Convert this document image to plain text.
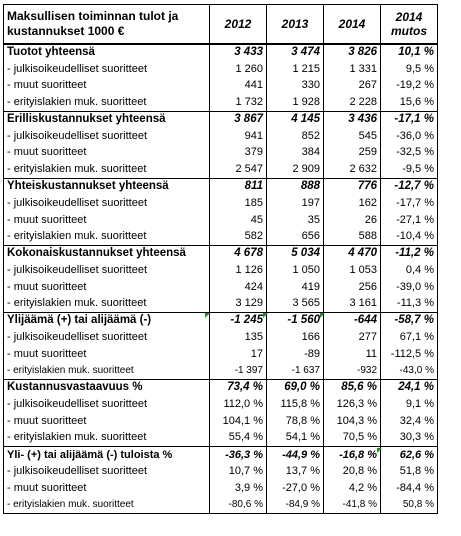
Maksullisen toiminnan tulot ja
kustannukset 1000 €	2012	2013	2014	2014
mutos
Tuotot yhteensä	3 433	3 474	3 826	10,1 %
- julkisoikeudelliset suoritteet	1 260	1 215	1 331	9,5 %
- muut suoritteet	441	330	267	-19,2 %
- erityislakien muk. suoritteet	1 732	1 928	2 228	15,6 %
Erilliskustannukset yhteensä	3 867	4 145	3 436	-17,1 %
- julkisoikeudelliset suoritteet	941	852	545	-36,0 %
- muut suoritteet	379	384	259	-32,5 %
- erityislakien muk. suoritteet	2 547	2 909	2 632	-9,5 %
Yhteiskustannukset yhteensä	811	888	776	-12,7 %
- julkisoikeudelliset suoritteet	185	197	162	-17,7 %
- muut suoritteet	45	35	26	-27,1 %
- erityislakien muk. suoritteet	582	656	588	-10,4 %
Kokonaiskustannukset yhteensä	4 678	5 034	4 470	-11,2 %
- julkisoikeudelliset suoritteet	1 126	1 050	1 053	0,4 %
- muut suoritteet	424	419	256	-39,0 %
- erityislakien muk. suoritteet	3 129	3 565	3 161	-11,3 %
Ylijäämä (+) tai alijäämä (-)	-1 245	-1 560	-644	-58,7 %
- julkisoikeudelliset suoritteet	135	166	277	67,1 %
- muut suoritteet	17	-89	11	-112,5 %
- erityislakien muk. suoritteet	-1 397	-1 637	-932	-43,0 %
Kustannusvastaavuus %	73,4 %	69,0 %	85,6 %	24,1 %
- julkisoikeudelliset suoritteet	112,0 %	115,8 %	126,3 %	9,1 %
- muut suoritteet	104,1 %	78,8 %	104,3 %	32,4 %
- erityislakien muk. suoritteet	55,4 %	54,1 %	70,5 %	30,3 %
Yli- (+) tai alijäämä (-) tuloista %	-36,3 %	-44,9 %	-16,8 %	62,6 %
- julkisoikeudelliset suoritteet	10,7 %	13,7 %	20,8 %	51,8 %
- muut suoritteet	3,9 %	-27,0 %	4,2 %	-84,4 %
- erityislakien muk. suoritteet	-80,6 %	-84,9 %	-41,8 %	50,8 %
